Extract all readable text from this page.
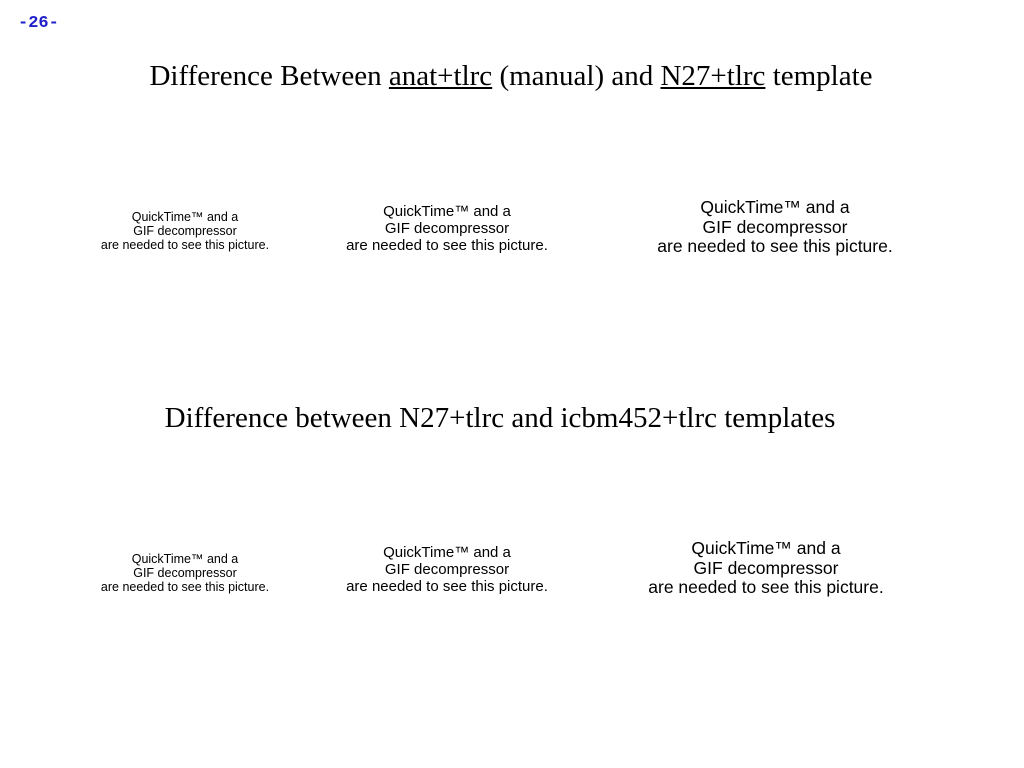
-26-
Difference Between anat+tlrc (manual) and N27+tlrc template
QuickTime™ and a
GIF decompressor
are needed to see this picture.
QuickTime™ and a
GIF decompressor
are needed to see this picture.
QuickTime™ and a
GIF decompressor
are needed to see this picture.
Difference between N27+tlrc and icbm452+tlrc templates
QuickTime™ and a
GIF decompressor
are needed to see this picture.
QuickTime™ and a
GIF decompressor
are needed to see this picture.
QuickTime™ and a
GIF decompressor
are needed to see this picture.
